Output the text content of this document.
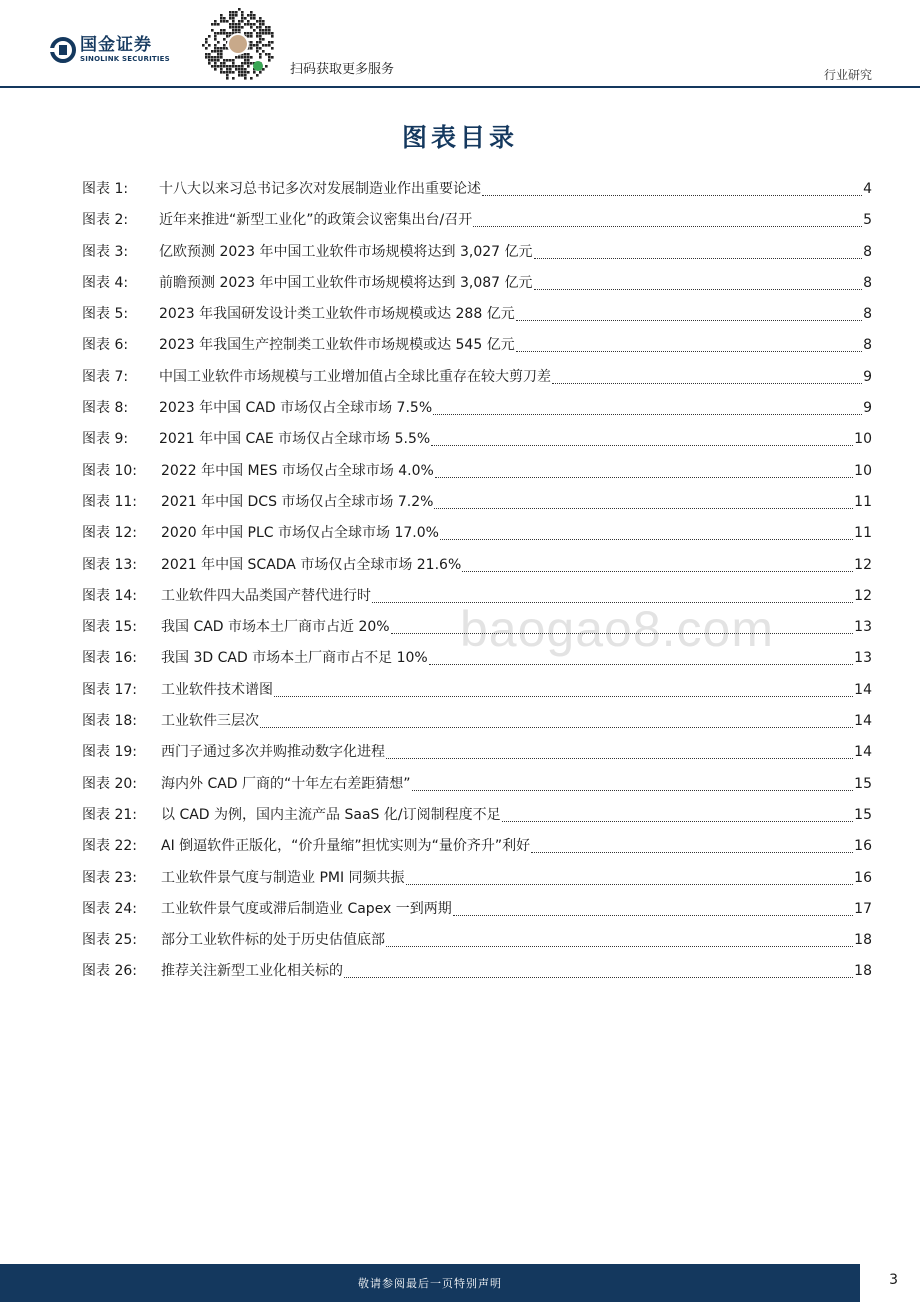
国金证券
SINOLINK SECURITIES
扫码获取更多服务	行业研究
图表目录
baogao8.com
图表 1:	十八大以来习总书记多次对发展制造业作出重要论述	4
图表 2:	近年来推进“新型工业化”的政策会议密集出台/召开	5
图表 3:	亿欧预测 2023 年中国工业软件市场规模将达到 3,027 亿元	8
图表 4:	前瞻预测 2023 年中国工业软件市场规模将达到 3,087 亿元	8
图表 5:	2023 年我国研发设计类工业软件市场规模或达 288 亿元	8
图表 6:	2023 年我国生产控制类工业软件市场规模或达 545 亿元	8
图表 7:	中国工业软件市场规模与工业增加值占全球比重存在较大剪刀差	9
图表 8:	2023 年中国 CAD 市场仅占全球市场 7.5%	9
图表 9:	2021 年中国 CAE 市场仅占全球市场 5.5%	10
图表 10:	2022 年中国 MES 市场仅占全球市场 4.0%	10
图表 11:	2021 年中国 DCS 市场仅占全球市场 7.2%	11
图表 12:	2020 年中国 PLC 市场仅占全球市场 17.0%	11
图表 13:	2021 年中国 SCADA 市场仅占全球市场 21.6%	12
图表 14:	工业软件四大品类国产替代进行时	12
图表 15:	我国 CAD 市场本土厂商市占近 20%	13
图表 16:	我国 3D CAD 市场本土厂商市占不足 10%	13
图表 17:	工业软件技术谱图	14
图表 18:	工业软件三层次	14
图表 19:	西门子通过多次并购推动数字化进程	14
图表 20:	海内外 CAD 厂商的“十年左右差距猜想”	15
图表 21:	以 CAD 为例，国内主流产品 SaaS 化/订阅制程度不足	15
图表 22:	AI 倒逼软件正版化，“价升量缩”担忧实则为“量价齐升”利好	16
图表 23:	工业软件景气度与制造业 PMI 同频共振	16
图表 24:	工业软件景气度或滞后制造业 Capex 一到两期	17
图表 25:	部分工业软件标的处于历史估值底部	18
图表 26:	推荐关注新型工业化相关标的	18
敬请参阅最后一页特别声明	3
